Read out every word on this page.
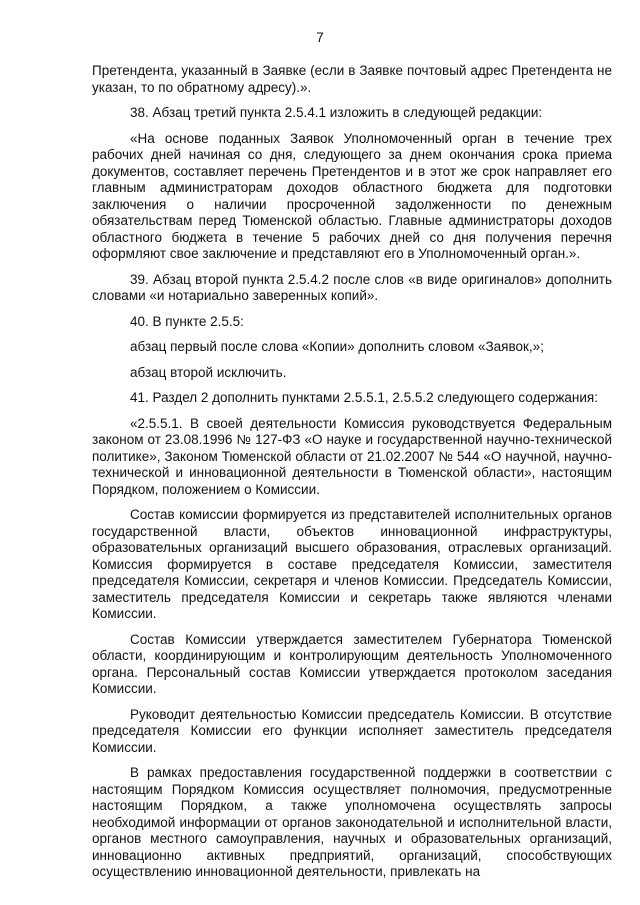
7

Претендента, указанный в Заявке (если в Заявке почтовый адрес Претендента не указан, то по обратному адресу).».

38. Абзац третий пункта 2.5.4.1 изложить в следующей редакции:

«На основе поданных Заявок Уполномоченный орган в течение трех рабочих дней начиная со дня, следующего за днем окончания срока приема документов, составляет перечень Претендентов и в этот же срок направляет его главным администраторам доходов областного бюджета для подготовки заключения о наличии просроченной задолженности по денежным обязательствам перед Тюменской областью. Главные администраторы доходов областного бюджета в течение 5 рабочих дней со дня получения перечня оформляют свое заключение и представляют его в Уполномоченный орган.».

39. Абзац второй пункта 2.5.4.2 после слов «в виде оригиналов» дополнить словами «и нотариально заверенных копий».

40. В пункте 2.5.5:

абзац первый после слова «Копии» дополнить словом «Заявок,»;

абзац второй исключить.

41. Раздел 2 дополнить пунктами 2.5.5.1, 2.5.5.2 следующего содержания:

«2.5.5.1. В своей деятельности Комиссия руководствуется Федеральным законом от 23.08.1996 № 127-ФЗ «О науке и государственной научно-технической политике», Законом Тюменской области от 21.02.2007 № 544 «О научной, научно-технической и инновационной деятельности в Тюменской области», настоящим Порядком, положением о Комиссии.

Состав комиссии формируется из представителей исполнительных органов государственной власти, объектов инновационной инфраструктуры, образовательных организаций высшего образования, отраслевых организаций. Комиссия формируется в составе председателя Комиссии, заместителя председателя Комиссии, секретаря и членов Комиссии. Председатель Комиссии, заместитель председателя Комиссии и секретарь также являются членами Комиссии.

Состав Комиссии утверждается заместителем Губернатора Тюменской области, координирующим и контролирующим деятельность Уполномоченного органа. Персональный состав Комиссии утверждается протоколом заседания Комиссии.

Руководит деятельностью Комиссии председатель Комиссии. В отсутствие председателя Комиссии его функции исполняет заместитель председателя Комиссии.

В рамках предоставления государственной поддержки в соответствии с настоящим Порядком Комиссия осуществляет полномочия, предусмотренные настоящим Порядком, а также уполномочена осуществлять запросы необходимой информации от органов законодательной и исполнительной власти, органов местного самоуправления, научных и образовательных организаций, инновационно активных предприятий, организаций, способствующих осуществлению инновационной деятельности, привлекать на
